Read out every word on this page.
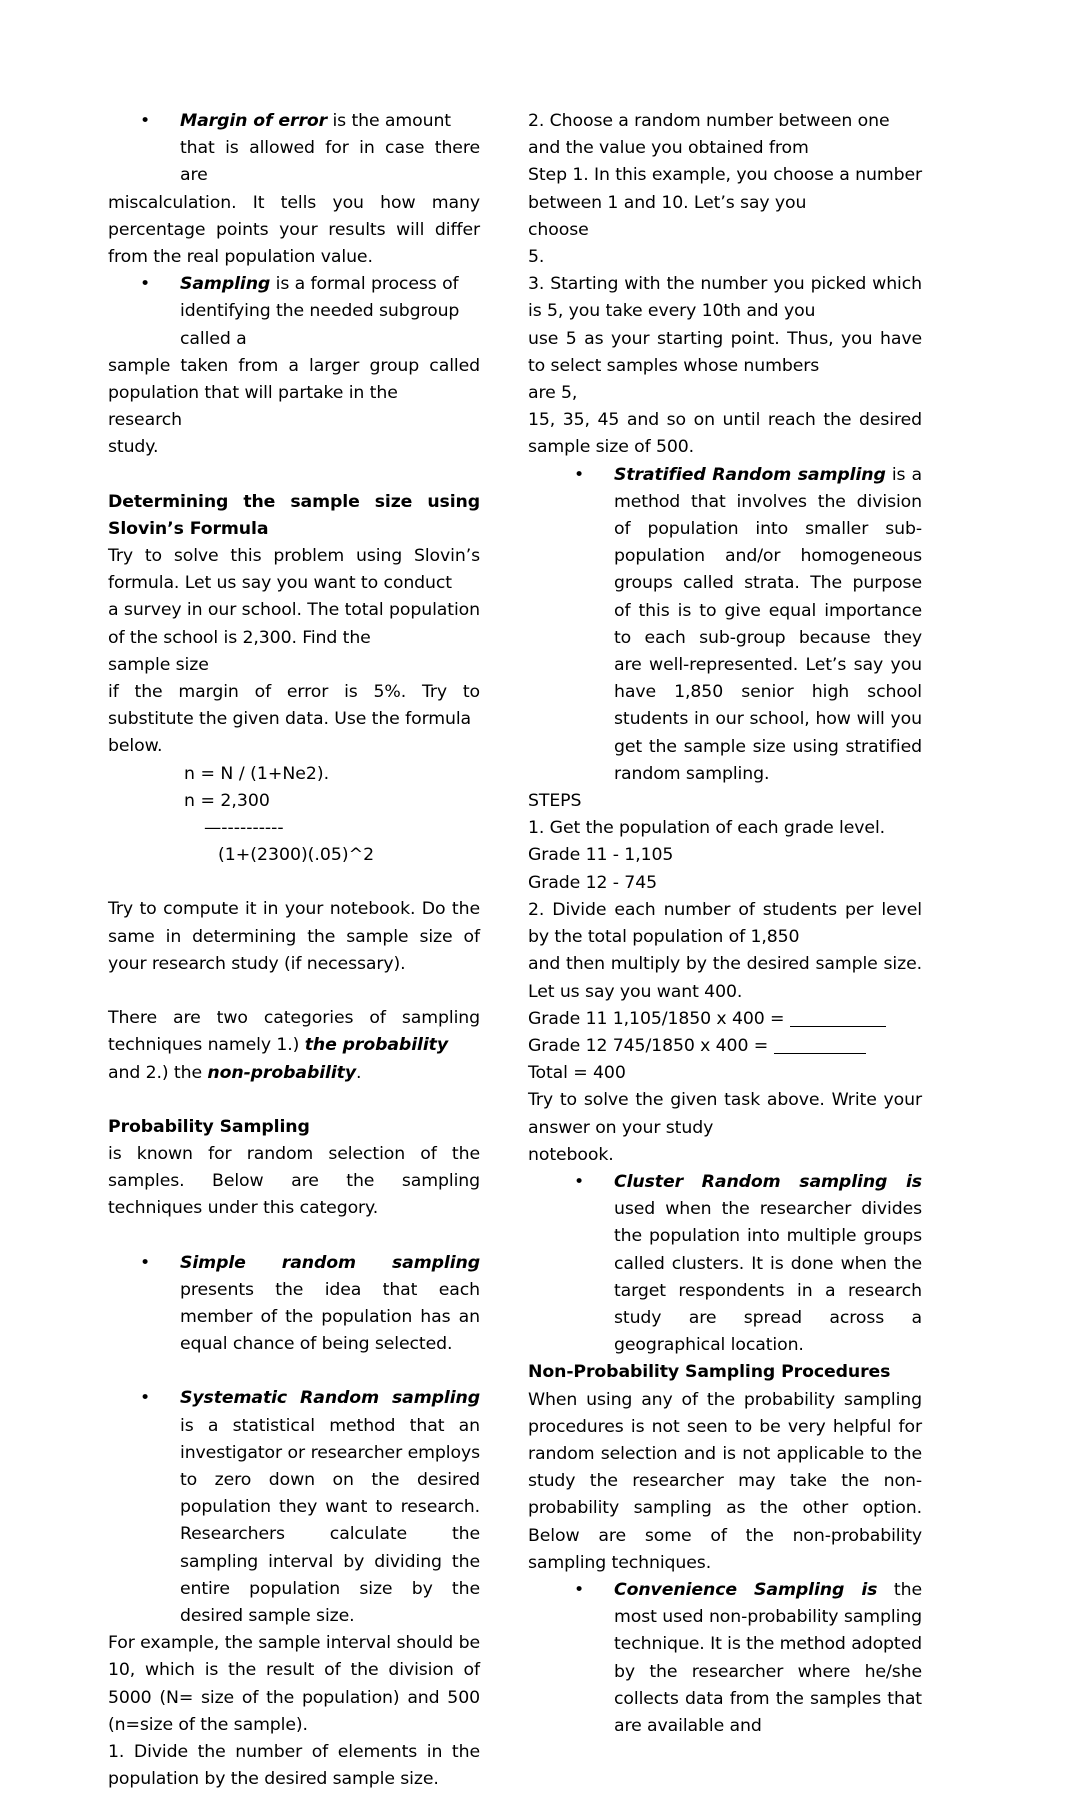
• Margin of error is the amount
that is allowed for in case there are

miscalculation. It tells you how many percentage points your results will differ from the real population value.

• Sampling is a formal process of
identifying the needed subgroup
called a

sample taken from a larger group called population that will partake in the

research

study.

Determining the sample size using Slovin’s Formula

Try to solve this problem using Slovin’s formula. Let us say you want to conduct

a survey in our school. The total population of the school is 2,300. Find the

sample size

if the margin of error is 5%. Try to substitute the given data. Use the formula

below.

n = N / (1+Ne2).
n = 2,300
—----------
(1+(2300)(.05)^2

Try to compute it in your notebook. Do the same in determining the sample size of your research study (if necessary).

There are two categories of sampling techniques namely 1.) the probability

and 2.) the non-probability.

Probability Sampling

is known for random selection of the samples. Below are the sampling techniques under this category.

• Simple random sampling presents the idea that each member of the population has an equal chance of being selected.
• Systematic Random sampling is a statistical method that an investigator or researcher employs to zero down on the desired population they want to research. Researchers calculate the sampling interval by dividing the entire population size by the desired sample size.

For example, the sample interval should be 10, which is the result of the division of 5000 (N= size of the population) and 500 (n=size of the sample).

1. Divide the number of elements in the population by the desired sample size.

2. Choose a random number between one

and the value you obtained from

Step 1. In this example, you choose a number between 1 and 10. Let’s say you

choose

5.

3. Starting with the number you picked which is 5, you take every 10th and you

use 5 as your starting point. Thus, you have to select samples whose numbers

are 5,

15, 35, 45 and so on until reach the desired sample size of 500.

• Stratified Random sampling is a method that involves the division of population into smaller sub-population and/or homogeneous groups called strata. The purpose of this is to give equal importance to each sub-group because they are well-represented. Let’s say you have 1,850 senior high school students in our school, how will you get the sample size using stratified random sampling.

STEPS

1. Get the population of each grade level.

Grade 11 - 1,105

Grade 12 - 745

2. Divide each number of students per level by the total population of 1,850

and then multiply by the desired sample size. Let us say you want 400.

Grade 11 1,105/1850 x 400 =

Grade 12 745/1850 x 400 =

Total = 400

Try to solve the given task above. Write your answer on your study

notebook.

• Cluster Random sampling is used when the researcher divides the population into multiple groups called clusters. It is done when the target respondents in a research study are spread across a geographical location.

Non-Probability Sampling Procedures

When using any of the probability sampling procedures is not seen to be very helpful for random selection and is not applicable to the study the researcher may take the non-probability sampling as the other option. Below are some of the non-probability sampling techniques.

• Convenience Sampling is the most used non-probability sampling technique. It is the method adopted by the researcher where he/she collects data from the samples that are available and
